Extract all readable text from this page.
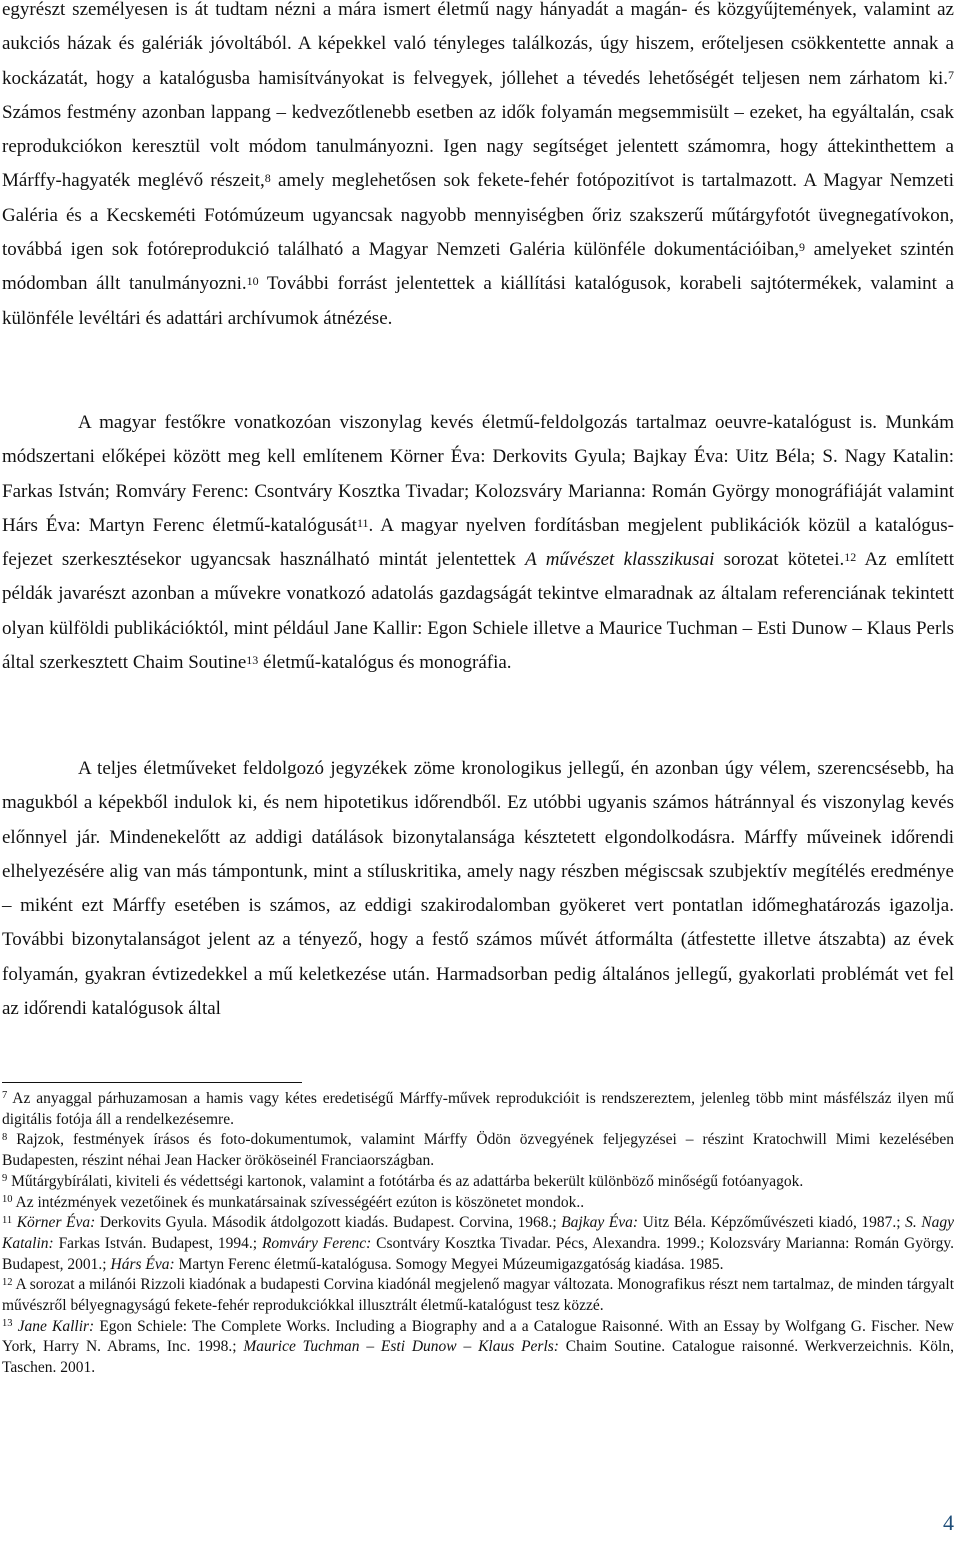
egyrészt személyesen is át tudtam nézni a mára ismert életmű nagy hányadát a magán- és közgyűjtemények, valamint az aukciós házak és galériák jóvoltából. A képekkel való tényleges találkozás, úgy hiszem, erőteljesen csökkentette annak a kockázatát, hogy a katalógusba hamisítványokat is felvegyek, jóllehet a tévedés lehetőségét teljesen nem zárhatom ki.$^7$ Számos festmény azonban lappang – kedvezőtlenebb esetben az idők folyamán megsemmisült – ezeket, ha egyáltalán, csak reprodukciókon keresztül volt módom tanulmányozni. Igen nagy segítséget jelentett számomra, hogy áttekinthettem a Márffy-hagyaték meglévő részeit,$^8$ amely meglehetősen sok fekete-fehér fotópozitívot is tartalmazott. A Magyar Nemzeti Galéria és a Kecskeméti Fotómúzeum ugyancsak nagyobb mennyiségben őriz szakszerű műtárgyfotót üvegnegatívokon, továbbá igen sok fotóreprodukció található a Magyar Nemzeti Galéria különféle dokumentációiban,$^9$ amelyeket szintén módomban állt tanulmányozni.$^{10}$ További forrást jelentettek a kiállítási katalógusok, korabeli sajtótermékek, valamint a különféle levéltári és adattári archívumok átnézése.

A magyar festőkre vonatkozóan viszonylag kevés életmű-feldolgozás tartalmaz oeuvre-katalógust is. Munkám módszertani előképei között meg kell említenem Körner Éva: Derkovits Gyula; Bajkay Éva: Uitz Béla; S. Nagy Katalin: Farkas István; Romváry Ferenc: Csontváry Kosztka Tivadar; Kolozsváry Marianna: Román György monográfiáját valamint Hárs Éva: Martyn Ferenc életmű-katalógusát$^{11}$. A magyar nyelven fordításban megjelent publikációk közül a katalógus-fejezet szerkesztésekor ugyancsak használható mintát jelentettek A művészet klasszikusai sorozat kötetei.$^{12}$ Az említett példák javarészt azonban a művekre vonatkozó adatolás gazdagságát tekintve elmaradnak az általam referenciának tekintett olyan külföldi publikációktól, mint például Jane Kallir: Egon Schiele illetve a Maurice Tuchman – Esti Dunow – Klaus Perls által szerkesztett Chaim Soutine$^{13}$ életmű-katalógus és monográfia.

A teljes életműveket feldolgozó jegyzékek zöme kronologikus jellegű, én azonban úgy vélem, szerencsésebb, ha magukból a képekből indulok ki, és nem hipotetikus időrendből. Ez utóbbi ugyanis számos hátránnyal és viszonylag kevés előnnyel jár. Mindenekelőtt az addigi datálások bizonytalansága késztetett elgondolkodásra. Márffy műveinek időrendi elhelyezésére alig van más támpontunk, mint a stíluskritika, amely nagy részben mégiscsak szubjektív megítélés eredménye – miként ezt Márffy esetében is számos, az eddigi szakirodalomban gyökeret vert pontatlan időmeghatározás igazolja. További bizonytalanságot jelent az a tényező, hogy a festő számos művét átformálta (átfestette illetve átszabta) az évek folyamán, gyakran évtizedekkel a mű keletkezése után. Harmadsorban pedig általános jellegű, gyakorlati problémát vet fel az időrendi katalógusok által

$^7$ Az anyaggal párhuzamosan a hamis vagy kétes eredetiségű Márffy-művek reprodukcióit is rendszereztem, jelenleg több mint másfélszáz ilyen mű digitális fotója áll a rendelkezésemre.

$^8$ Rajzok, festmények írásos és foto-dokumentumok, valamint Márffy Ödön özvegyének feljegyzései – részint Kratochwill Mimi kezelésében Budapesten, részint néhai Jean Hacker örököseinél Franciaországban.

$^9$ Műtárgybírálati, kiviteli és védettségi kartonok, valamint a fotótárba és az adattárba bekerült különböző minőségű fotóanyagok.

$^{10}$ Az intézmények vezetőinek és munkatársainak szívességéért ezúton is köszönetet mondok..

$^{11}$ Körner Éva: Derkovits Gyula. Második átdolgozott kiadás. Budapest. Corvina, 1968.; Bajkay Éva: Uitz Béla. Képzőművészeti kiadó, 1987.; S. Nagy Katalin: Farkas István. Budapest, 1994.; Romváry Ferenc: Csontváry Kosztka Tivadar. Pécs, Alexandra. 1999.; Kolozsváry Marianna: Román György. Budapest, 2001.; Hárs Éva: Martyn Ferenc életmű-katalógusa. Somogy Megyei Múzeumigazgatóság kiadása. 1985.

$^{12}$ A sorozat a milánói Rizzoli kiadónak a budapesti Corvina kiadónál megjelenő magyar változata. Monografikus részt nem tartalmaz, de minden tárgyalt művészről bélyegnagyságú fekete-fehér reprodukciókkal illusztrált életmű-katalógust tesz közzé.

$^{13}$ Jane Kallir: Egon Schiele: The Complete Works. Including a Biography and a a Catalogue Raisonné. With an Essay by Wolfgang G. Fischer. New York, Harry N. Abrams, Inc. 1998.; Maurice Tuchman – Esti Dunow – Klaus Perls: Chaim Soutine. Catalogue raisonné. Werkverzeichnis. Köln, Taschen. 2001.

4
